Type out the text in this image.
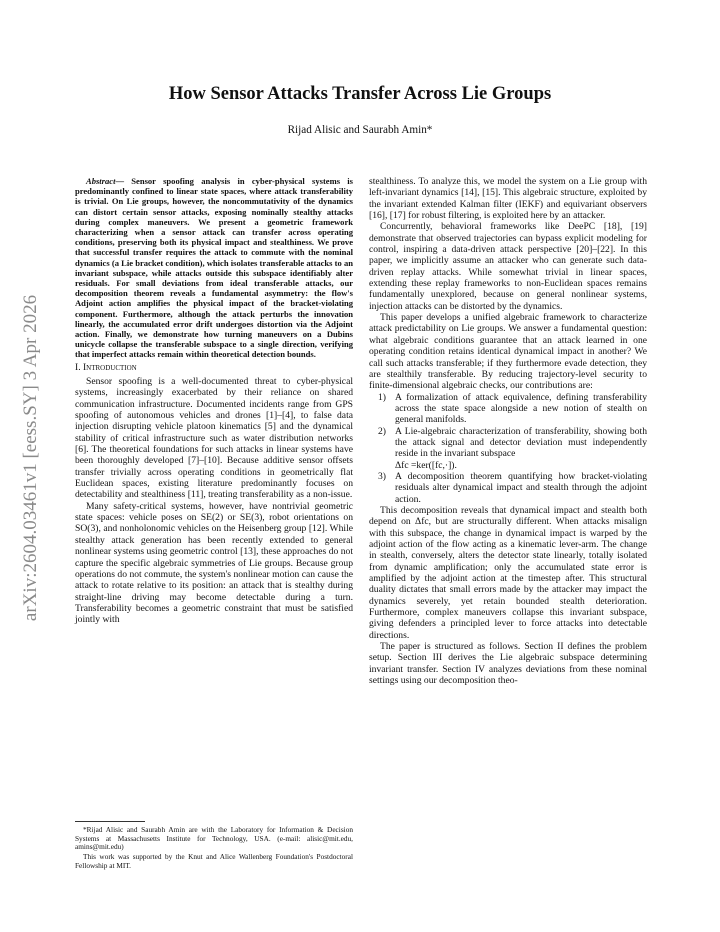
arXiv:2604.03461v1 [eess.SY] 3 Apr 2026
How Sensor Attacks Transfer Across Lie Groups

Rijad Alisic and Saurabh Amin*

Abstract— Sensor spoofing analysis in cyber-physical systems is predominantly confined to linear state spaces, where attack transferability is trivial. On Lie groups, however, the noncommutativity of the dynamics can distort certain sensor attacks, exposing nominally stealthy attacks during complex maneuvers. We present a geometric framework characterizing when a sensor attack can transfer across operating conditions, preserving both its physical impact and stealthiness. We prove that successful transfer requires the attack to commute with the nominal dynamics (a Lie bracket condition), which isolates transferable attacks to an invariant subspace, while attacks outside this subspace identifiably alter residuals. For small deviations from ideal transferable attacks, our decomposition theorem reveals a fundamental asymmetry: the flow's Adjoint action amplifies the physical impact of the bracket-violating component. Furthermore, although the attack perturbs the innovation linearly, the accumulated error drift undergoes distortion via the Adjoint action. Finally, we demonstrate how turning maneuvers on a Dubins unicycle collapse the transferable subspace to a single direction, verifying that imperfect attacks remain within theoretical detection bounds.

I. Introduction

Sensor spoofing is a well-documented threat to cyber-physical systems, increasingly exacerbated by their reliance on shared communication infrastructure. Documented incidents range from GPS spoofing of autonomous vehicles and drones [1]–[4], to false data injection disrupting vehicle platoon kinematics [5] and the dynamical stability of critical infrastructure such as water distribution networks [6]. The theoretical foundations for such attacks in linear systems have been thoroughly developed [7]–[10]. Because additive sensor offsets transfer trivially across operating conditions in geometrically flat Euclidean spaces, existing literature predominantly focuses on detectability and stealthiness [11], treating transferability as a non-issue.

Many safety-critical systems, however, have nontrivial geometric state spaces: vehicle poses on SE(2) or SE(3), robot orientations on SO(3), and nonholonomic vehicles on the Heisenberg group [12]. While stealthy attack generation has been recently extended to general nonlinear systems using geometric control [13], these approaches do not capture the specific algebraic symmetries of Lie groups. Because group operations do not commute, the system's nonlinear motion can cause the attack to rotate relative to its position: an attack that is stealthy during straight-line driving may become detectable during a turn. Transferability becomes a geometric constraint that must be satisfied jointly with

*Rijad Alisic and Saurabh Amin are with the Laboratory for Information & Decision Systems at Massachusetts Institute for Technology, USA. (e-mail: alisic@mit.edu, amins@mit.edu)

This work was supported by the Knut and Alice Wallenberg Foundation's Postdoctoral Fellowship at MIT.

stealthiness. To analyze this, we model the system on a Lie group with left-invariant dynamics [14], [15]. This algebraic structure, exploited by the invariant extended Kalman filter (IEKF) and equivariant observers [16], [17] for robust filtering, is exploited here by an attacker.

Concurrently, behavioral frameworks like DeePC [18], [19] demonstrate that observed trajectories can bypass explicit modeling for control, inspiring a data-driven attack perspective [20]–[22]. In this paper, we implicitly assume an attacker who can generate such data-driven replay attacks. While somewhat trivial in linear spaces, extending these replay frameworks to non-Euclidean spaces remains fundamentally unexplored, because on general nonlinear systems, injection attacks can be distorted by the dynamics.

This paper develops a unified algebraic framework to characterize attack predictability on Lie groups. We answer a fundamental question: what algebraic conditions guarantee that an attack learned in one operating condition retains identical dynamical impact in another? We call such attacks transferable; if they furthermore evade detection, they are stealthily transferable. By reducing trajectory-level security to finite-dimensional algebraic checks, our contributions are:

1) A formalization of attack equivalence, defining transferability across the state space alongside a new notion of stealth on general manifolds.
2) A Lie-algebraic characterization of transferability, showing both the attack signal and detector deviation must independently reside in the invariant subspace
Δfc =ker([fc,·]).
3) A decomposition theorem quantifying how bracket-violating residuals alter dynamical impact and stealth through the adjoint action.

This decomposition reveals that dynamical impact and stealth both depend on Δfc, but are structurally different. When attacks misalign with this subspace, the change in dynamical impact is warped by the adjoint action of the flow acting as a kinematic lever-arm. The change in stealth, conversely, alters the detector state linearly, totally isolated from dynamic amplification; only the accumulated state error is amplified by the adjoint action at the timestep after. This structural duality dictates that small errors made by the attacker may impact the dynamics severely, yet retain bounded stealth deterioration. Furthermore, complex maneuvers collapse this invariant subspace, giving defenders a principled lever to force attacks into detectable directions.

The paper is structured as follows. Section II defines the problem setup. Section III derives the Lie algebraic subspace determining invariant transfer. Section IV analyzes deviations from these nominal settings using our decomposition theo-
